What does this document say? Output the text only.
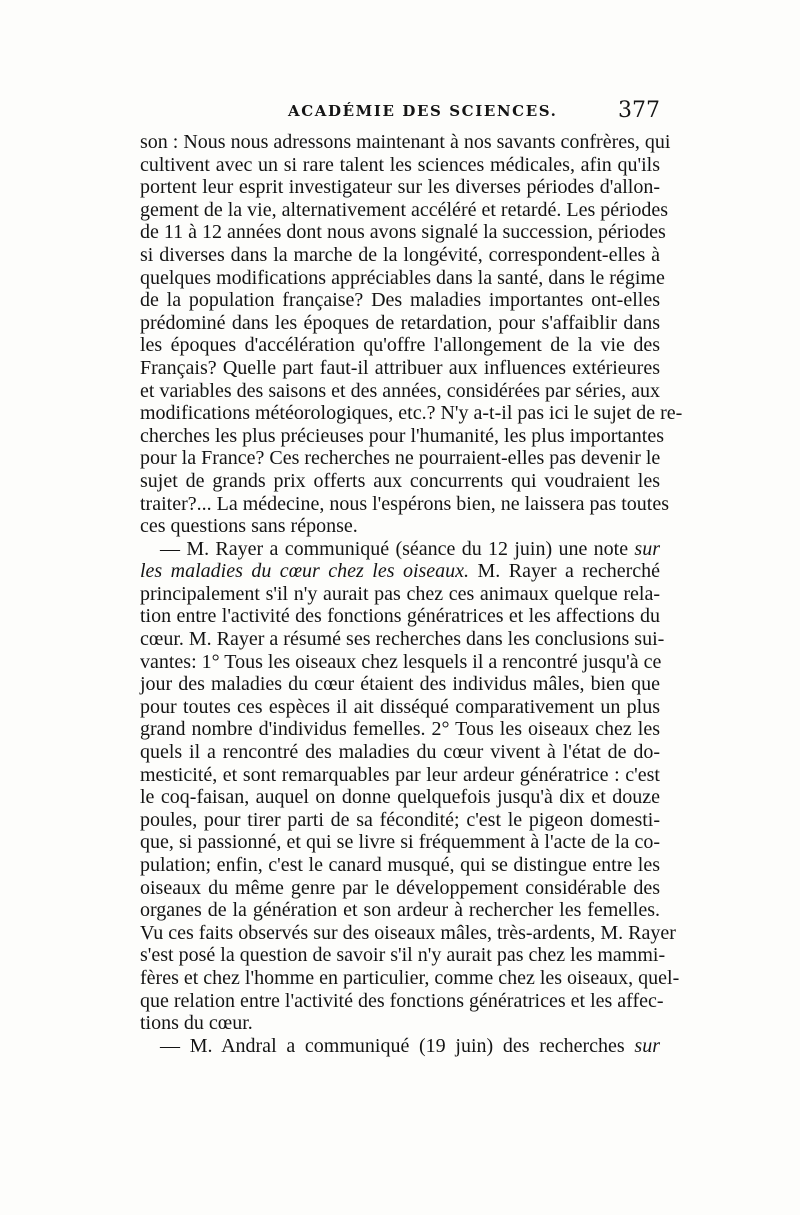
ACADÉMIE DES SCIENCES.	377
son : Nous nous adressons maintenant à nos savants confrères, qui
cultivent avec un si rare talent les sciences médicales, afin qu'ils
portent leur esprit investigateur sur les diverses périodes d'allon-
gement de la vie, alternativement accéléré et retardé. Les périodes
de 11 à 12 années dont nous avons signalé la succession, périodes
si diverses dans la marche de la longévité, correspondent-elles à
quelques modifications appréciables dans la santé, dans le régime
de la population française? Des maladies importantes ont-elles
prédominé dans les époques de retardation, pour s'affaiblir dans
les époques d'accélération qu'offre l'allongement de la vie des
Français? Quelle part faut-il attribuer aux influences extérieures
et variables des saisons et des années, considérées par séries, aux
modifications météorologiques, etc.? N'y a-t-il pas ici le sujet de re-
cherches les plus précieuses pour l'humanité, les plus importantes
pour la France? Ces recherches ne pourraient-elles pas devenir le
sujet de grands prix offerts aux concurrents qui voudraient les
traiter?... La médecine, nous l'espérons bien, ne laissera pas toutes
ces questions sans réponse.
— M. Rayer a communiqué (séance du 12 juin) une note sur
les maladies du cœur chez les oiseaux. M. Rayer a recherché
principalement s'il n'y aurait pas chez ces animaux quelque rela-
tion entre l'activité des fonctions génératrices et les affections du
cœur. M. Rayer a résumé ses recherches dans les conclusions sui-
vantes: 1° Tous les oiseaux chez lesquels il a rencontré jusqu'à ce
jour des maladies du cœur étaient des individus mâles, bien que
pour toutes ces espèces il ait disséqué comparativement un plus
grand nombre d'individus femelles. 2° Tous les oiseaux chez les
quels il a rencontré des maladies du cœur vivent à l'état de do-
mesticité, et sont remarquables par leur ardeur génératrice : c'est
le coq-faisan, auquel on donne quelquefois jusqu'à dix et douze
poules, pour tirer parti de sa fécondité; c'est le pigeon domesti-
que, si passionné, et qui se livre si fréquemment à l'acte de la co-
pulation; enfin, c'est le canard musqué, qui se distingue entre les
oiseaux du même genre par le développement considérable des
organes de la génération et son ardeur à rechercher les femelles.
Vu ces faits observés sur des oiseaux mâles, très-ardents, M. Rayer
s'est posé la question de savoir s'il n'y aurait pas chez les mammi-
fères et chez l'homme en particulier, comme chez les oiseaux, quel-
que relation entre l'activité des fonctions génératrices et les affec-
tions du cœur.
— M. Andral a communiqué (19 juin) des recherches sur
